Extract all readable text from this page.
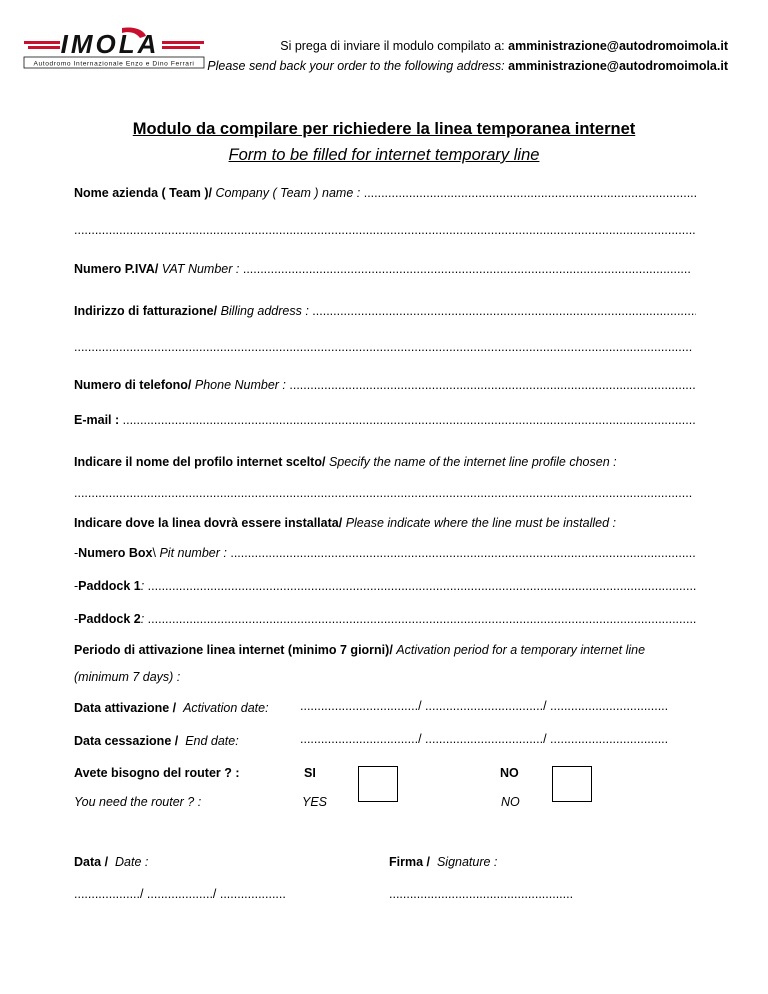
IMOLA
Autodromo Internazionale Enzo e Dino Ferrari
Si prega di inviare il modulo compilato a: amministrazione@autodromoimola.it
Please send back your order to the following address: amministrazione@autodromoimola.it
Modulo da compilare per richiedere la linea temporanea internet
Form to be filled for internet temporary line
Nome azienda ( Team ) /
Company ( Team ) name :

.....
.....
Numero P.IVA /
VAT Number :

.....
Indirizzo di fatturazione /
Billing address :

.....
.....
Numero di telefono /
Phone Number :

.....
E-mail :

.....
Indicare il nome del profilo internet scelto /
Specify the name of the internet line profile chosen :
.....
Indicare dove la linea dovrà essere installata /
Please indicate where the line must be installed :
- Numero Box \
Pit number :

.....
- Paddock 1 :

.....
- Paddock 2 :

.....
Periodo di attivazione linea internet (minimo 7 giorni) /
Activation period for a temporary internet line
(minimum 7 days) :
Data attivazione /  Activation date:	................................../ ................................../ ..................................
Data cessazione /  End date:	................................../ ................................../ ..................................
Avete bisogno del router ? :	SI	NO
You need the router ? :	YES	NO
Data /  Date :	Firma /  Signature :
.................../ .................../ ...................	.....................................................
